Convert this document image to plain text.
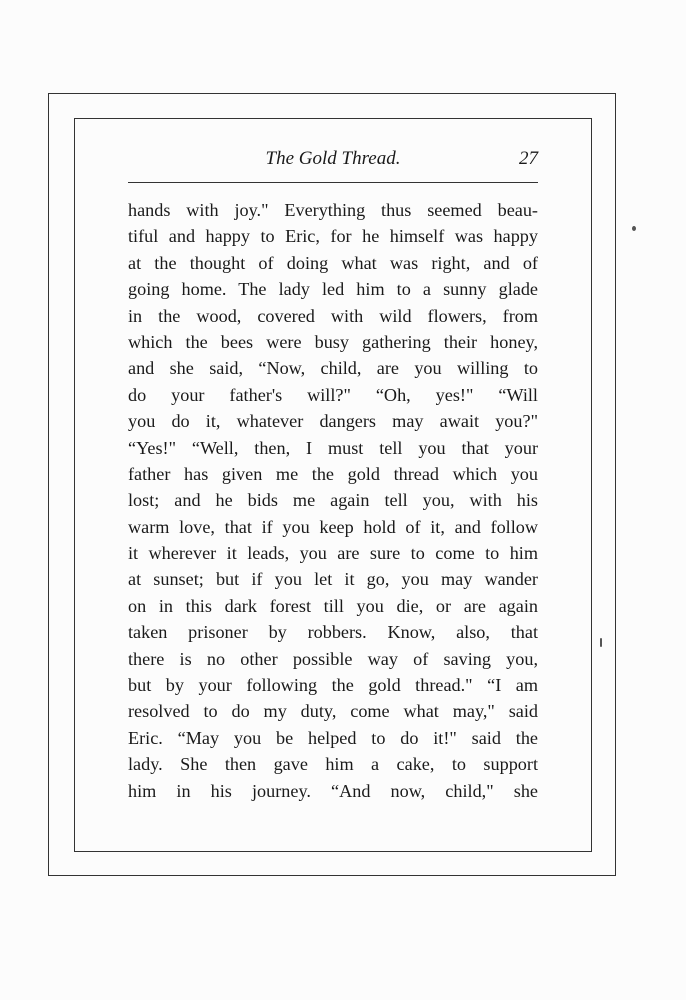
The Gold Thread.	27
hands with joy." Everything thus seemed beau-
tiful and happy to Eric, for he himself was happy
at the thought of doing what was right, and of
going home. The lady led him to a sunny glade
in the wood, covered with wild flowers, from
which the bees were busy gathering their honey,
and she said, “Now, child, are you willing to
do your father's will?" “Oh, yes!" “Will
you do it, whatever dangers may await you?"
“Yes!" “Well, then, I must tell you that your
father has given me the gold thread which you
lost; and he bids me again tell you, with his
warm love, that if you keep hold of it, and follow
it wherever it leads, you are sure to come to him
at sunset; but if you let it go, you may wander
on in this dark forest till you die, or are again
taken prisoner by robbers. Know, also, that
there is no other possible way of saving you,
but by your following the gold thread." “I am
resolved to do my duty, come what may," said
Eric. “May you be helped to do it!" said the
lady. She then gave him a cake, to support
him in his journey. “And now, child," she
